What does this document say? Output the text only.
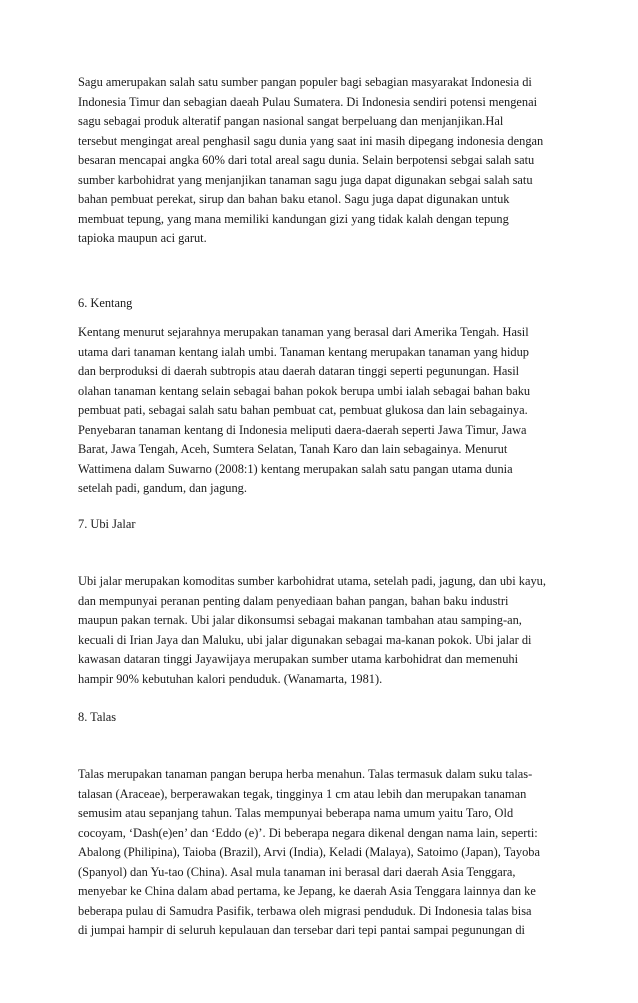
Sagu amerupakan salah satu sumber pangan populer bagi sebagian masyarakat Indonesia di
Indonesia Timur dan sebagian daeah Pulau Sumatera. Di Indonesia sendiri potensi mengenai
sagu sebagai produk alteratif pangan nasional sangat berpeluang dan menjanjikan.Hal
tersebut mengingat areal penghasil sagu dunia yang saat ini masih dipegang indonesia dengan
besaran mencapai angka 60% dari total areal sagu dunia. Selain berpotensi sebgai salah satu
sumber karbohidrat yang menjanjikan tanaman sagu juga dapat digunakan sebgai salah satu
bahan pembuat perekat, sirup dan bahan baku etanol. Sagu juga dapat digunakan untuk
membuat tepung, yang mana memiliki kandungan gizi yang tidak kalah dengan tepung
tapioka maupun aci garut.

6. Kentang

Kentang menurut sejarahnya merupakan tanaman yang berasal dari Amerika Tengah. Hasil
utama dari tanaman kentang ialah umbi. Tanaman kentang merupakan tanaman yang hidup
dan berproduksi di daerah subtropis atau daerah dataran tinggi seperti pegunungan. Hasil
olahan tanaman kentang selain sebagai bahan pokok berupa umbi ialah sebagai bahan baku
pembuat pati, sebagai salah satu bahan pembuat cat, pembuat glukosa dan lain sebagainya.
Penyebaran tanaman kentang di Indonesia meliputi daera-daerah seperti Jawa Timur, Jawa
Barat, Jawa Tengah, Aceh, Sumtera Selatan, Tanah Karo dan lain sebagainya. Menurut
Wattimena dalam Suwarno (2008:1) kentang merupakan salah satu pangan utama dunia
setelah padi, gandum, dan jagung.

7. Ubi Jalar

Ubi jalar merupakan komoditas sumber karbohidrat utama, setelah padi, jagung, dan ubi kayu,
dan mempunyai peranan penting dalam penyediaan bahan pangan, bahan baku industri
maupun pakan ternak. Ubi jalar dikonsumsi sebagai makanan tambahan atau samping-an,
kecuali di Irian Jaya dan Maluku, ubi jalar digunakan sebagai ma-kanan pokok. Ubi jalar di
kawasan dataran tinggi Jayawijaya merupakan sumber utama karbohidrat dan memenuhi
hampir 90% kebutuhan kalori penduduk. (Wanamarta, 1981).

8. Talas

Talas merupakan tanaman pangan berupa herba menahun. Talas termasuk dalam suku talas-
talasan (Araceae), berperawakan tegak, tingginya 1 cm atau lebih dan merupakan tanaman
semusim atau sepanjang tahun. Talas mempunyai beberapa nama umum yaitu Taro, Old
cocoyam, ‘Dash(e)en’ dan ‘Eddo (e)’. Di beberapa negara dikenal dengan nama lain, seperti:
Abalong (Philipina), Taioba (Brazil), Arvi (India), Keladi (Malaya), Satoimo (Japan), Tayoba
(Spanyol) dan Yu-tao (China). Asal mula tanaman ini berasal dari daerah Asia Tenggara,
menyebar ke China dalam abad pertama, ke Jepang, ke daerah Asia Tenggara lainnya dan ke
beberapa pulau di Samudra Pasifik, terbawa oleh migrasi penduduk. Di Indonesia talas bisa
di jumpai hampir di seluruh kepulauan dan tersebar dari tepi pantai sampai pegunungan di
